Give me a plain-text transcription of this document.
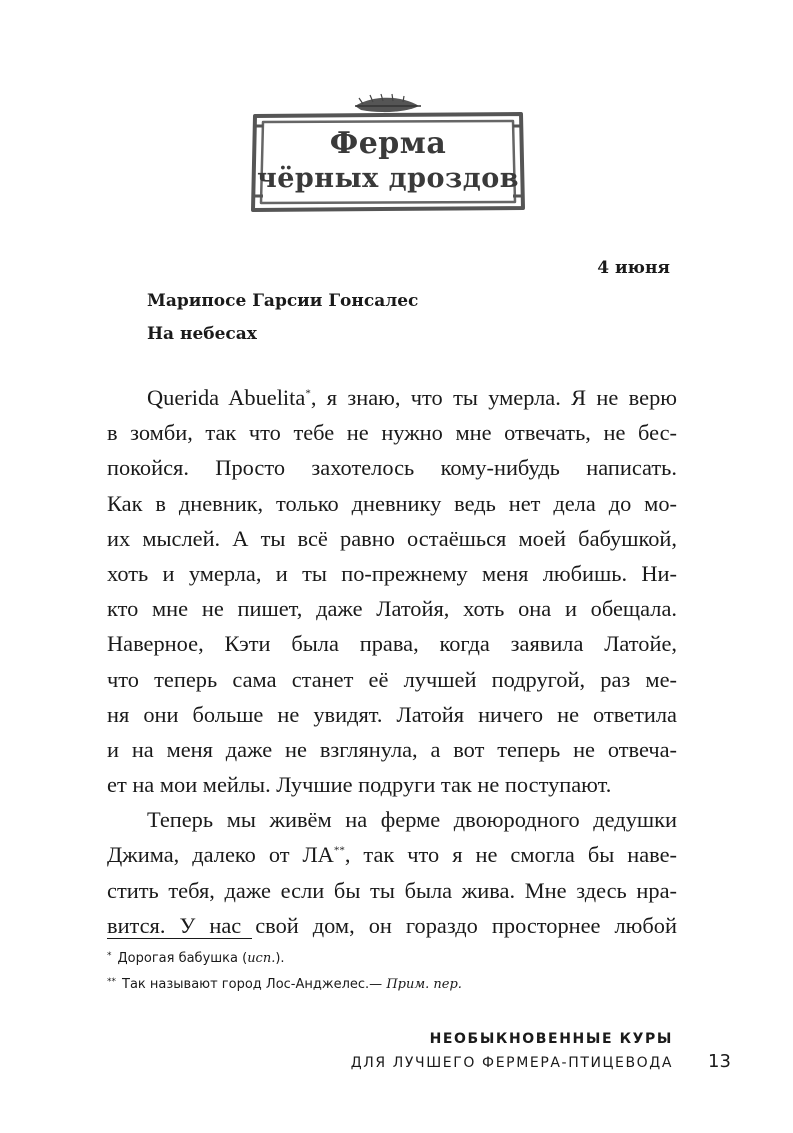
Ферма
чёрных дроздов
4 июня
Марипосе Гарсии Гонсалес
На небесах
Querida Abuelita*, я знаю, что ты умерла. Я не верю
в зомби, так что тебе не нужно мне отвечать, не бес-
покойся. Просто захотелось кому-нибудь написать.
Как в дневник, только дневнику ведь нет дела до мо-
их мыслей. А ты всё равно остаёшься моей бабушкой,
хоть и умерла, и ты по-прежнему меня любишь. Ни-
кто мне не пишет, даже Латойя, хоть она и обещала.
Наверное, Кэти была права, когда заявила Латойе,
что теперь сама станет её лучшей подругой, раз ме-
ня они больше не увидят. Латойя ничего не ответила
и на меня даже не взглянула, а вот теперь не отвеча-
ет на мои мейлы. Лучшие подруги так не поступают.
Теперь мы живём на ферме двоюродного дедушки
Джима, далеко от ЛА**, так что я не смогла бы наве-
стить тебя, даже если бы ты была жива. Мне здесь нра-
вится. У нас свой дом, он гораздо просторнее любой
* Дорогая бабушка (исп.).
** Так называют город Лос-Анджелес.— Прим. пер.
НЕОБЫКНОВЕННЫЕ КУРЫ
ДЛЯ ЛУЧШЕГО ФЕРМЕРА-ПТИЦЕВОДА 13
